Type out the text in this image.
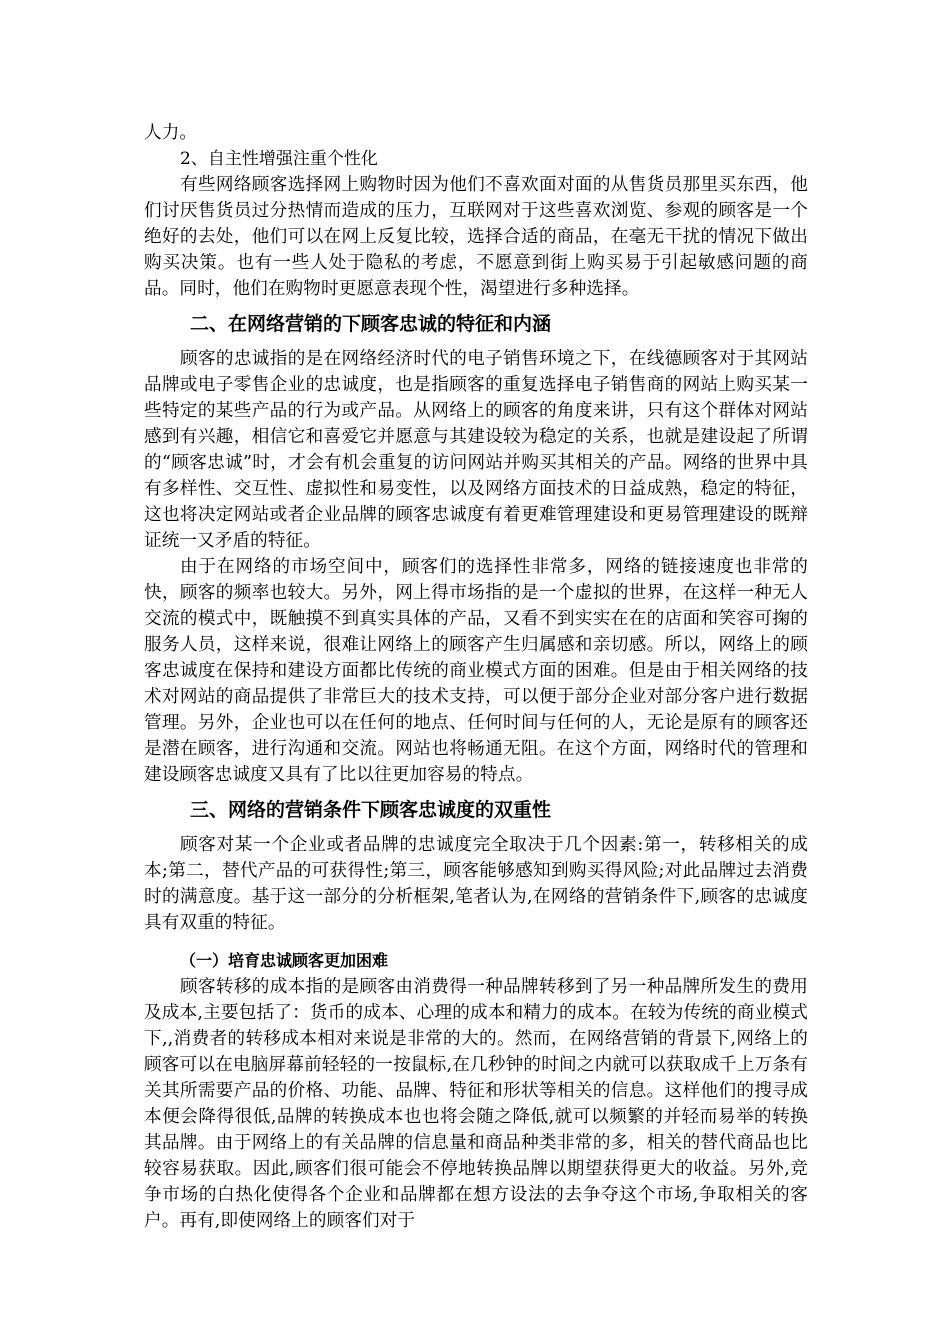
人力。

2、自主性增强注重个性化

有些网络顾客选择网上购物时因为他们不喜欢面对面的从售货员那里买东西，他们讨厌售货员过分热情而造成的压力，互联网对于这些喜欢浏览、参观的顾客是一个绝好的去处，他们可以在网上反复比较，选择合适的商品，在毫无干扰的情况下做出购买决策。也有一些人处于隐私的考虑，不愿意到街上购买易于引起敏感问题的商品。同时，他们在购物时更愿意表现个性，渴望进行多种选择。

二、在网络营销的下顾客忠诚的特征和内涵

顾客的忠诚指的是在网络经济时代的电子销售环境之下，在线德顾客对于其网站品牌或电子零售企业的忠诚度，也是指顾客的重复选择电子销售商的网站上购买某一些特定的某些产品的行为或产品。从网络上的顾客的角度来讲，只有这个群体对网站感到有兴趣，相信它和喜爱它并愿意与其建设较为稳定的关系，也就是建设起了所谓的“顾客忠诚”时，才会有机会重复的访问网站并购买其相关的产品。网络的世界中具有多样性、交互性、虚拟性和易变性，以及网络方面技术的日益成熟，稳定的特征，这也将决定网站或者企业品牌的顾客忠诚度有着更难管理建设和更易管理建设的既辩证统一又矛盾的特征。

由于在网络的市场空间中，顾客们的选择性非常多，网络的链接速度也非常的快，顾客的频率也较大。另外，网上得市场指的是一个虚拟的世界，在这样一种无人交流的模式中，既触摸不到真实具体的产品，又看不到实实在在的店面和笑容可掬的服务人员，这样来说，很难让网络上的顾客产生归属感和亲切感。所以，网络上的顾客忠诚度在保持和建设方面都比传统的商业模式方面的困难。但是由于相关网络的技术对网站的商品提供了非常巨大的技术支持，可以便于部分企业对部分客户进行数据管理。另外，企业也可以在任何的地点、任何时间与任何的人，无论是原有的顾客还是潜在顾客，进行沟通和交流。网站也将畅通无阻。在这个方面，网络时代的管理和建设顾客忠诚度又具有了比以往更加容易的特点。

三、网络的营销条件下顾客忠诚度的双重性

顾客对某一个企业或者品牌的忠诚度完全取决于几个因素:第一，转移相关的成本;第二，替代产品的可获得性;第三，顾客能够感知到购买得风险;对此品牌过去消费时的满意度。基于这一部分的分析框架,笔者认为,在网络的营销条件下,顾客的忠诚度具有双重的特征。

（一）培育忠诚顾客更加困难

顾客转移的成本指的是顾客由消费得一种品牌转移到了另一种品牌所发生的费用及成本,主要包括了：货币的成本、心理的成本和精力的成本。在较为传统的商业模式下,,消费者的转移成本相对来说是非常的大的。然而，在网络营销的背景下,网络上的顾客可以在电脑屏幕前轻轻的一按鼠标,在几秒钟的时间之内就可以获取成千上万条有关其所需要产品的价格、功能、品牌、特征和形状等相关的信息。这样他们的搜寻成本便会降得很低,品牌的转换成本也也将会随之降低,就可以频繁的并轻而易举的转换其品牌。由于网络上的有关品牌的信息量和商品种类非常的多，相关的替代商品也比较容易获取。因此,顾客们很可能会不停地转换品牌以期望获得更大的收益。另外,竞争市场的白热化使得各个企业和品牌都在想方设法的去争夺这个市场,争取相关的客户。再有,即使网络上的顾客们对于
